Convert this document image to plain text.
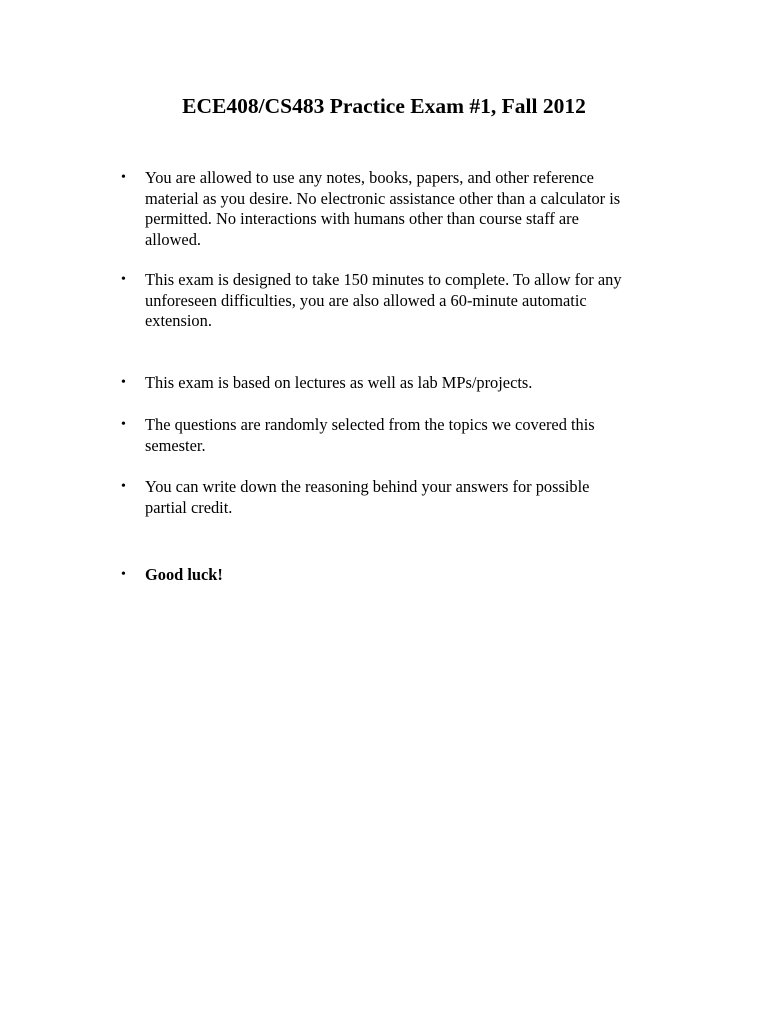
ECE408/CS483 Practice Exam #1, Fall 2012
•	You are allowed to use any notes, books, papers, and other reference
material as you desire. No electronic assistance other than a calculator is
permitted. No interactions with humans other than course staff are
allowed.
•	This exam is designed to take 150 minutes to complete. To allow for any
unforeseen difficulties, you are also allowed a 60-minute automatic
extension.
•	This exam is based on lectures as well as lab MPs/projects.
•	The questions are randomly selected from the topics we covered this
semester.
•	You can write down the reasoning behind your answers for possible
partial credit.
•	Good luck!
